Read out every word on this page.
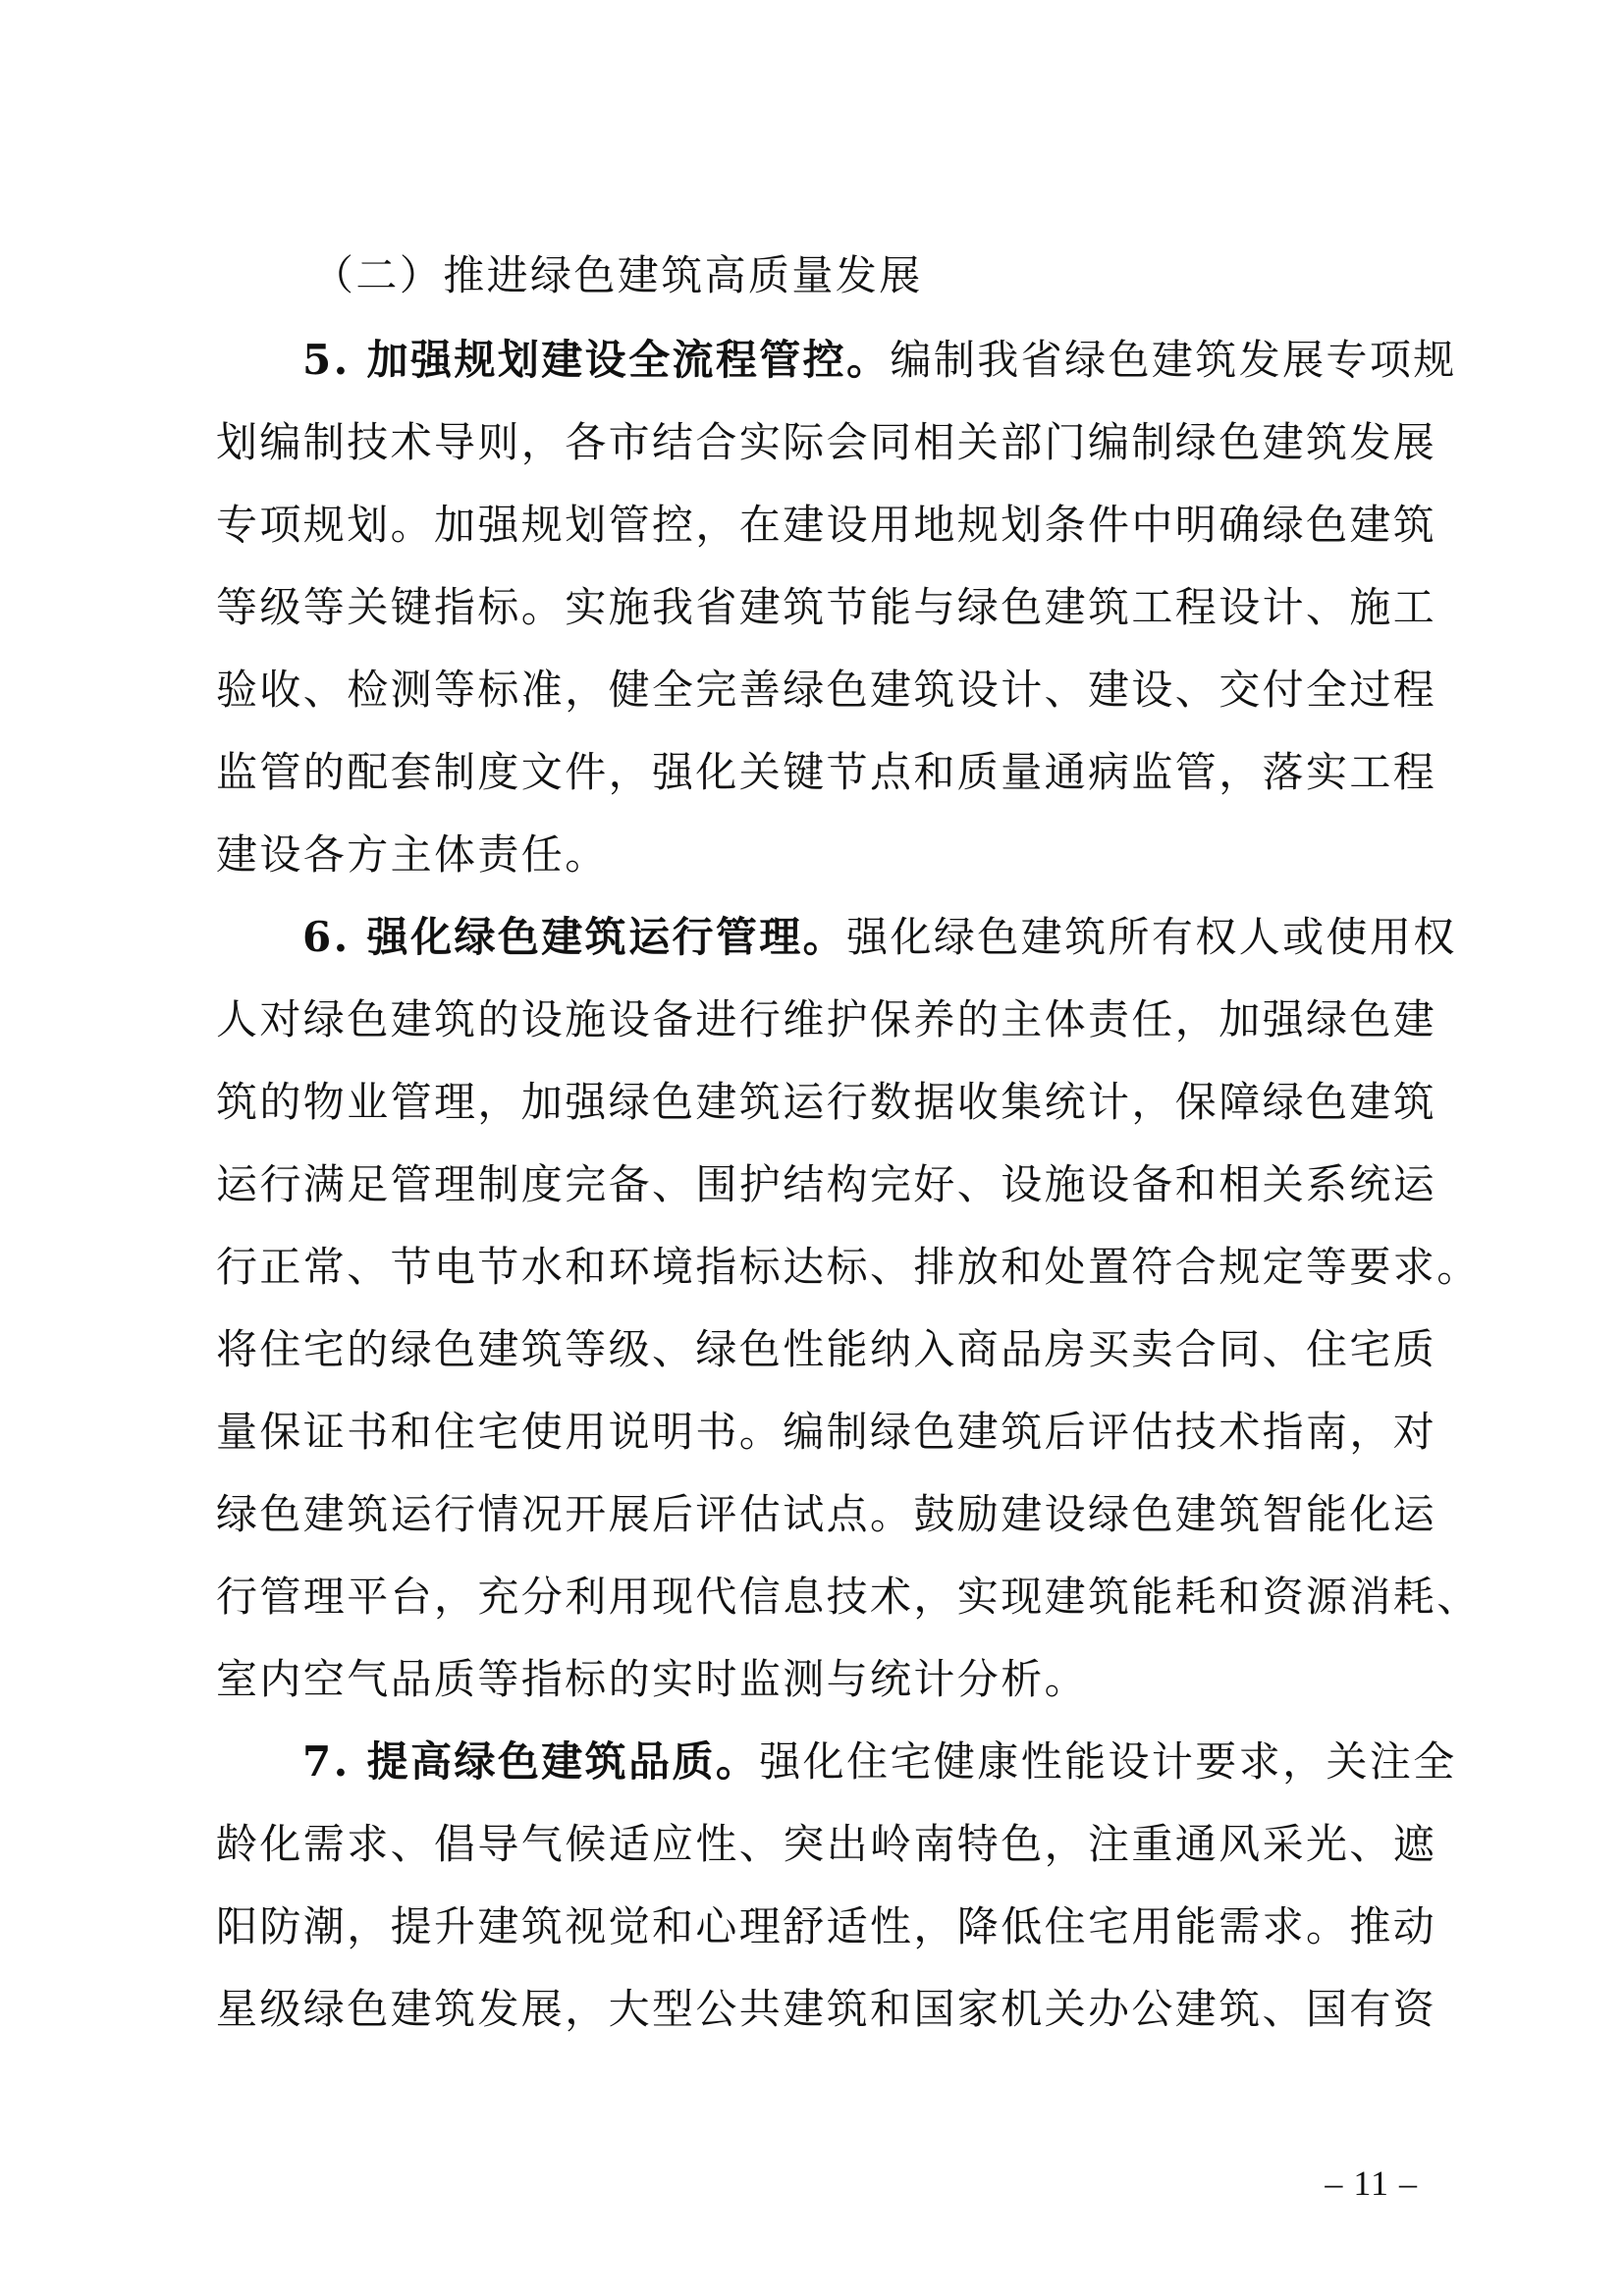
（二）推进绿色建筑高质量发展
5. 加强规划建设全流程管控。编制我省绿色建筑发展专项规
划编制技术导则，各市结合实际会同相关部门编制绿色建筑发展
专项规划。加强规划管控，在建设用地规划条件中明确绿色建筑
等级等关键指标。实施我省建筑节能与绿色建筑工程设计、施工
验收、检测等标准，健全完善绿色建筑设计、建设、交付全过程
监管的配套制度文件，强化关键节点和质量通病监管，落实工程
建设各方主体责任。
6. 强化绿色建筑运行管理。强化绿色建筑所有权人或使用权
人对绿色建筑的设施设备进行维护保养的主体责任，加强绿色建
筑的物业管理，加强绿色建筑运行数据收集统计，保障绿色建筑
运行满足管理制度完备、围护结构完好、设施设备和相关系统运
行正常、节电节水和环境指标达标、排放和处置符合规定等要求。
将住宅的绿色建筑等级、绿色性能纳入商品房买卖合同、住宅质
量保证书和住宅使用说明书。编制绿色建筑后评估技术指南，对
绿色建筑运行情况开展后评估试点。鼓励建设绿色建筑智能化运
行管理平台，充分利用现代信息技术，实现建筑能耗和资源消耗、
室内空气品质等指标的实时监测与统计分析。
7. 提高绿色建筑品质。强化住宅健康性能设计要求，关注全
龄化需求、倡导气候适应性、突出岭南特色，注重通风采光、遮
阳防潮，提升建筑视觉和心理舒适性，降低住宅用能需求。推动
星级绿色建筑发展，大型公共建筑和国家机关办公建筑、国有资
– 11 –
